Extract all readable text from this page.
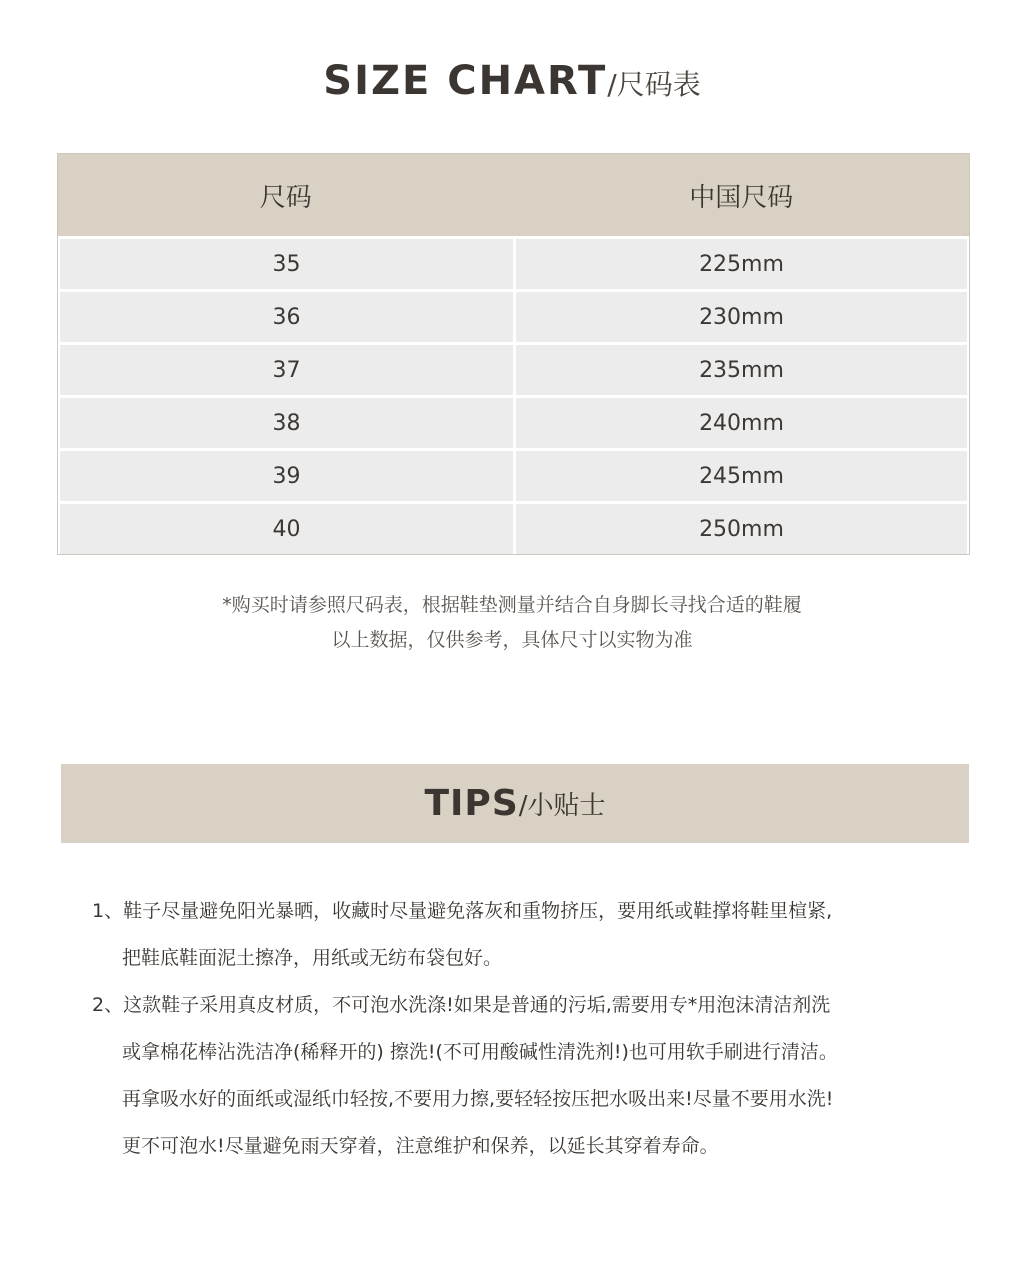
SIZE CHART/尺码表
尺码	中国尺码
35	225mm
36	230mm
37	235mm
38	240mm
39	245mm
40	250mm
*购买时请参照尺码表，根据鞋垫测量并结合自身脚长寻找合适的鞋履
以上数据，仅供参考，具体尺寸以实物为准
TIPS /小贴士
1、鞋子尽量避免阳光暴晒，收藏时尽量避免落灰和重物挤压，要用纸或鞋撑将鞋里楦紧,
把鞋底鞋面泥土擦净，用纸或无纺布袋包好。
2、这款鞋子采用真皮材质，不可泡水洗涤!如果是普通的污垢,需要用专*用泡沫清洁剂洗
或拿棉花棒沾洗洁净(稀释开的) 擦洗!(不可用酸碱性清洗剂!)也可用软手刷进行清洁。
再拿吸水好的面纸或湿纸巾轻按,不要用力擦,要轻轻按压把水吸出来!尽量不要用水洗!
更不可泡水!尽量避免雨天穿着，注意维护和保养，以延长其穿着寿命。
